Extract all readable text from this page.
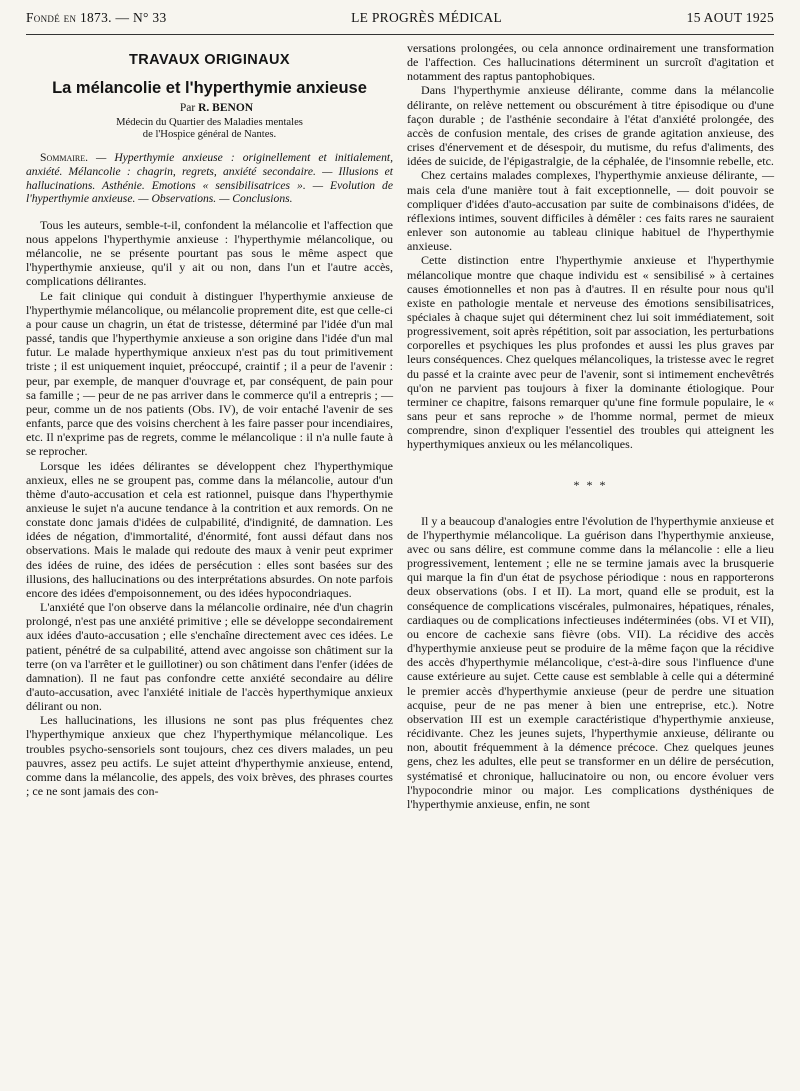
Fondé en 1873. — N° 33	LE PROGRÈS MÉDICAL	15 AOUT 1925
TRAVAUX ORIGINAUX
La mélancolie et l'hyperthymie anxieuse

Par R. BENON

Médecin du Quartier des Maladies mentales
de l'Hospice général de Nantes.

Sommaire. — Hyperthymie anxieuse : originellement et initialement, anxiété. Mélancolie : chagrin, regrets, anxiété secondaire. — Illusions et hallucinations. Asthénie. Emotions « sensibilisatrices ». — Evolution de l'hyperthymie anxieuse. — Observations. — Conclusions.

Tous les auteurs, semble-t-il, confondent la mélancolie et l'affection que nous appelons l'hyperthymie anxieuse : l'hyperthymie mélancolique, ou mélancolie, ne se présente pourtant pas sous le même aspect que l'hyperthymie anxieuse, qu'il y ait ou non, dans l'un et l'autre accès, complications délirantes.

Le fait clinique qui conduit à distinguer l'hyperthymie anxieuse de l'hyperthymie mélancolique, ou mélancolie proprement dite, est que celle-ci a pour cause un chagrin, un état de tristesse, déterminé par l'idée d'un mal passé, tandis que l'hyperthymie anxieuse a son origine dans l'idée d'un mal futur. Le malade hyperthymique anxieux n'est pas du tout primitivement triste ; il est uniquement inquiet, préoccupé, craintif ; il a peur de l'avenir : peur, par exemple, de manquer d'ouvrage et, par conséquent, de pain pour sa famille ; — peur de ne pas arriver dans le commerce qu'il a entrepris ; — peur, comme un de nos patients (Obs. IV), de voir entaché l'avenir de ses enfants, parce que des voisins cherchent à les faire passer pour incendiaires, etc. Il n'exprime pas de regrets, comme le mélancolique : il n'a nulle faute à se reprocher.

Lorsque les idées délirantes se développent chez l'hyperthymique anxieux, elles ne se groupent pas, comme dans la mélancolie, autour d'un thème d'auto-accusation et cela est rationnel, puisque dans l'hyperthymie anxieuse le sujet n'a aucune tendance à la contrition et aux remords. On ne constate donc jamais d'idées de culpabilité, d'indignité, de damnation. Les idées de négation, d'immortalité, d'énormité, font aussi défaut dans nos observations. Mais le malade qui redoute des maux à venir peut exprimer des idées de ruine, des idées de persécution : elles sont basées sur des illusions, des hallucinations ou des interprétations absurdes. On note parfois encore des idées d'empoisonnement, ou des idées hypocondriaques.

L'anxiété que l'on observe dans la mélancolie ordinaire, née d'un chagrin prolongé, n'est pas une anxiété primitive ; elle se développe secondairement aux idées d'auto-accusation ; elle s'enchaîne directement avec ces idées. Le patient, pénétré de sa culpabilité, attend avec angoisse son châtiment sur la terre (on va l'arrêter et le guillotiner) ou son châtiment dans l'enfer (idées de damnation). Il ne faut pas confondre cette anxiété secondaire au délire d'auto-accusation, avec l'anxiété initiale de l'accès hyperthymique anxieux délirant ou non.

Les hallucinations, les illusions ne sont pas plus fréquentes chez l'hyperthymique anxieux que chez l'hyperthymique mélancolique. Les troubles psycho-sensoriels sont toujours, chez ces divers malades, un peu pauvres, assez peu actifs. Le sujet atteint d'hyperthymie anxieuse, entend, comme dans la mélancolie, des appels, des voix brèves, des phrases courtes ; ce ne sont jamais des con-

versations prolongées, ou cela annonce ordinairement une transformation de l'affection. Ces hallucinations déterminent un surcroît d'agitation et notamment des raptus pantophobiques.

Dans l'hyperthymie anxieuse délirante, comme dans la mélancolie délirante, on relève nettement ou obscurément à titre épisodique ou d'une façon durable ; de l'asthénie secondaire à l'état d'anxiété prolongée, des accès de confusion mentale, des crises de grande agitation anxieuse, des crises d'énervement et de désespoir, du mutisme, du refus d'aliments, des idées de suicide, de l'épigastralgie, de la céphalée, de l'insomnie rebelle, etc.

Chez certains malades complexes, l'hyperthymie anxieuse délirante, — mais cela d'une manière tout à fait exceptionnelle, — doit pouvoir se compliquer d'idées d'auto-accusation par suite de combinaisons d'idées, de réflexions intimes, souvent difficiles à démêler : ces faits rares ne sauraient enlever son autonomie au tableau clinique habituel de l'hyperthymie anxieuse.

Cette distinction entre l'hyperthymie anxieuse et l'hyperthymie mélancolique montre que chaque individu est « sensibilisé » à certaines causes émotionnelles et non pas à d'autres. Il en résulte pour nous qu'il existe en pathologie mentale et nerveuse des émotions sensibilisatrices, spéciales à chaque sujet qui déterminent chez lui soit immédiatement, soit progressivement, soit après répétition, soit par association, les perturbations corporelles et psychiques les plus profondes et aussi les plus graves par leurs conséquences. Chez quelques mélancoliques, la tristesse avec le regret du passé et la crainte avec peur de l'avenir, sont si intimement enchevêtrés qu'on ne parvient pas toujours à fixer la dominante étiologique. Pour terminer ce chapitre, faisons remarquer qu'une fine formule populaire, le « sans peur et sans reproche » de l'homme normal, permet de mieux comprendre, sinon d'expliquer l'essentiel des troubles qui atteignent les hyperthymiques anxieux ou les mélancoliques.

* * *

Il y a beaucoup d'analogies entre l'évolution de l'hyperthymie anxieuse et de l'hyperthymie mélancolique. La guérison dans l'hyperthymie anxieuse, avec ou sans délire, est commune comme dans la mélancolie : elle a lieu progressivement, lentement ; elle ne se termine jamais avec la brusquerie qui marque la fin d'un état de psychose périodique : nous en rapporterons deux observations (obs. I et II). La mort, quand elle se produit, est la conséquence de complications viscérales, pulmonaires, hépatiques, rénales, cardiaques ou de complications infectieuses indéterminées (obs. VI et VII), ou encore de cachexie sans fièvre (obs. VII). La récidive des accès d'hyperthymie anxieuse peut se produire de la même façon que la récidive des accès d'hyperthymie mélancolique, c'est-à-dire sous l'influence d'une cause extérieure au sujet. Cette cause est semblable à celle qui a déterminé le premier accès d'hyperthymie anxieuse (peur de perdre une situation acquise, peur de ne pas mener à bien une entreprise, etc.). Notre observation III est un exemple caractéristique d'hyperthymie anxieuse, récidivante. Chez les jeunes sujets, l'hyperthymie anxieuse, délirante ou non, aboutit fréquemment à la démence précoce. Chez quelques jeunes gens, chez les adultes, elle peut se transformer en un délire de persécution, systématisé et chronique, hallucinatoire ou non, ou encore évoluer vers l'hypocondrie minor ou major. Les complications dysthéniques de l'hyperthymie anxieuse, enfin, ne sont
